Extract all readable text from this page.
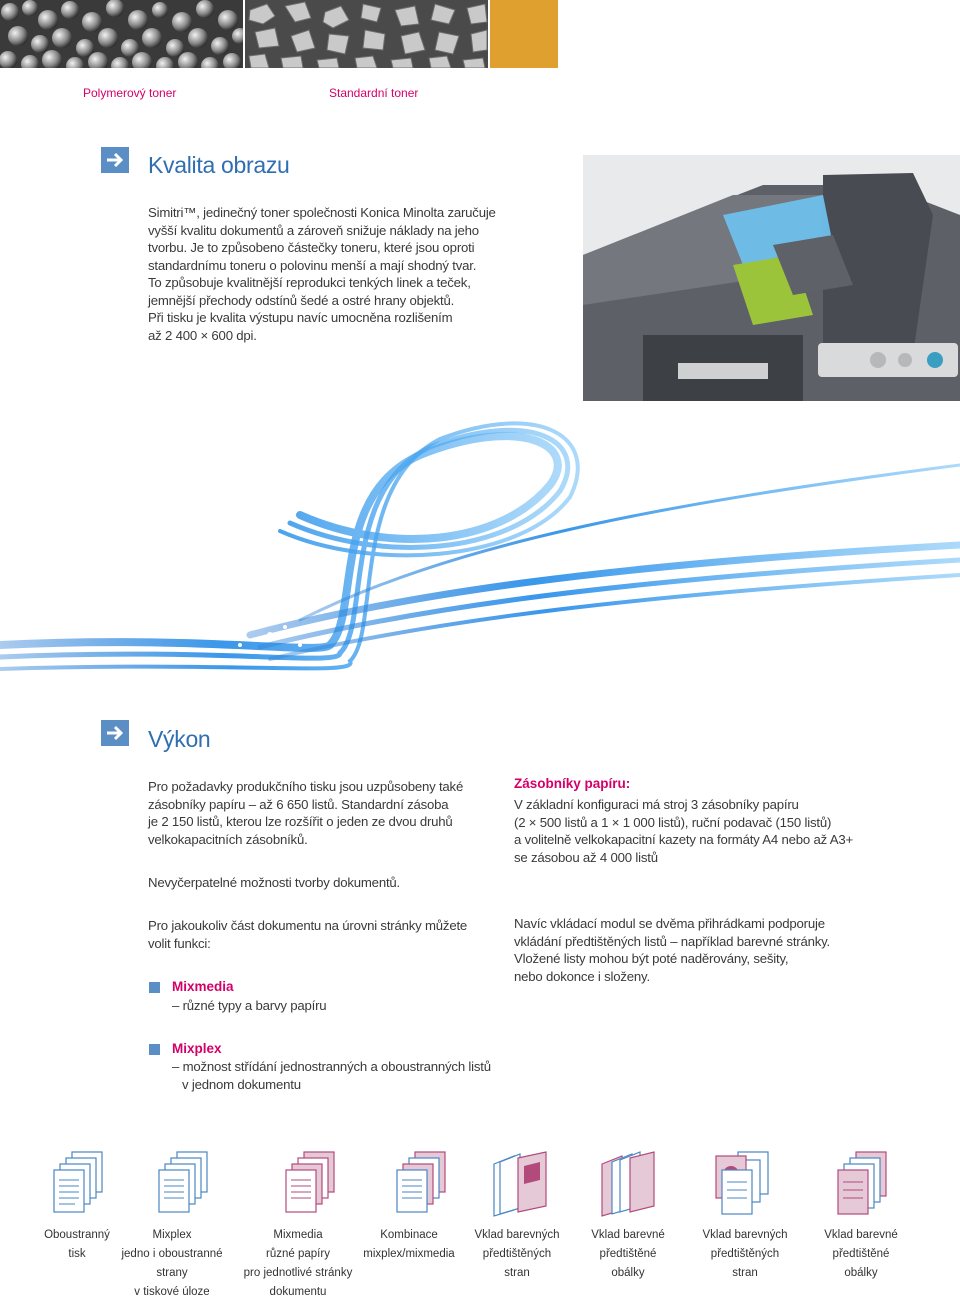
Polymerový toner	Standardní toner
Kvalita obrazu

Simitri™, jedinečný toner společnosti Konica Minolta zaručuje

vyšší kvalitu dokumentů a zároveň snižuje náklady na jeho

tvorbu. Je to způsobeno částečky toneru, které jsou oproti

standardnímu toneru o polovinu menší a mají shodný tvar.

To způsobuje kvalitnější reprodukci tenkých linek a teček,

jemnější přechody odstínů šedé a ostré hrany objektů.

Při tisku je kvalita výstupu navíc umocněna rozlišením

až 2 400 × 600 dpi.

Výkon

Pro požadavky produkčního tisku jsou uzpůsobeny také

zásobníky papíru – až 6 650 listů. Standardní zásoba

je 2 150 listů, kterou lze rozšířit o jeden ze dvou druhů

velkokapacitních zásobníků.

Nevyčerpatelné možnosti tvorby dokumentů.

Pro jakoukoliv část dokumentu na úrovni stránky můžete

volit funkci:

Mixmedia
– různé typy a barvy papíru
Mixplex

– možnost střídání jednostranných a oboustranných listů

v jednom dokumentu

Zásobníky papíru:

V základní konfiguraci má stroj 3 zásobníky papíru

(2 × 500 listů a 1 × 1 000 listů), ruční podavač (150 listů)

a volitelně velkokapacitní kazety na formáty A4 nebo až A3+

se zásobou až 4 000 listů

Navíc vkládací modul se dvěma přihrádkami podporuje

vkládání předtištěných listů – například barevné stránky.

Vložené listy mohou být poté naděrovány, sešity,

nebo dokonce i složeny.

Oboustranný
tisk
Mixplex
jedno i oboustranné
strany
v tiskové úloze
Mixmedia
různé papíry
pro jednotlivé stránky
dokumentu
Kombinace
mixplex/mixmedia
Vklad barevných
předtištěných
stran
Vklad barevné
předtištěné
obálky
Vklad barevných
předtištěných
stran
Vklad barevné
předtištěné
obálky
